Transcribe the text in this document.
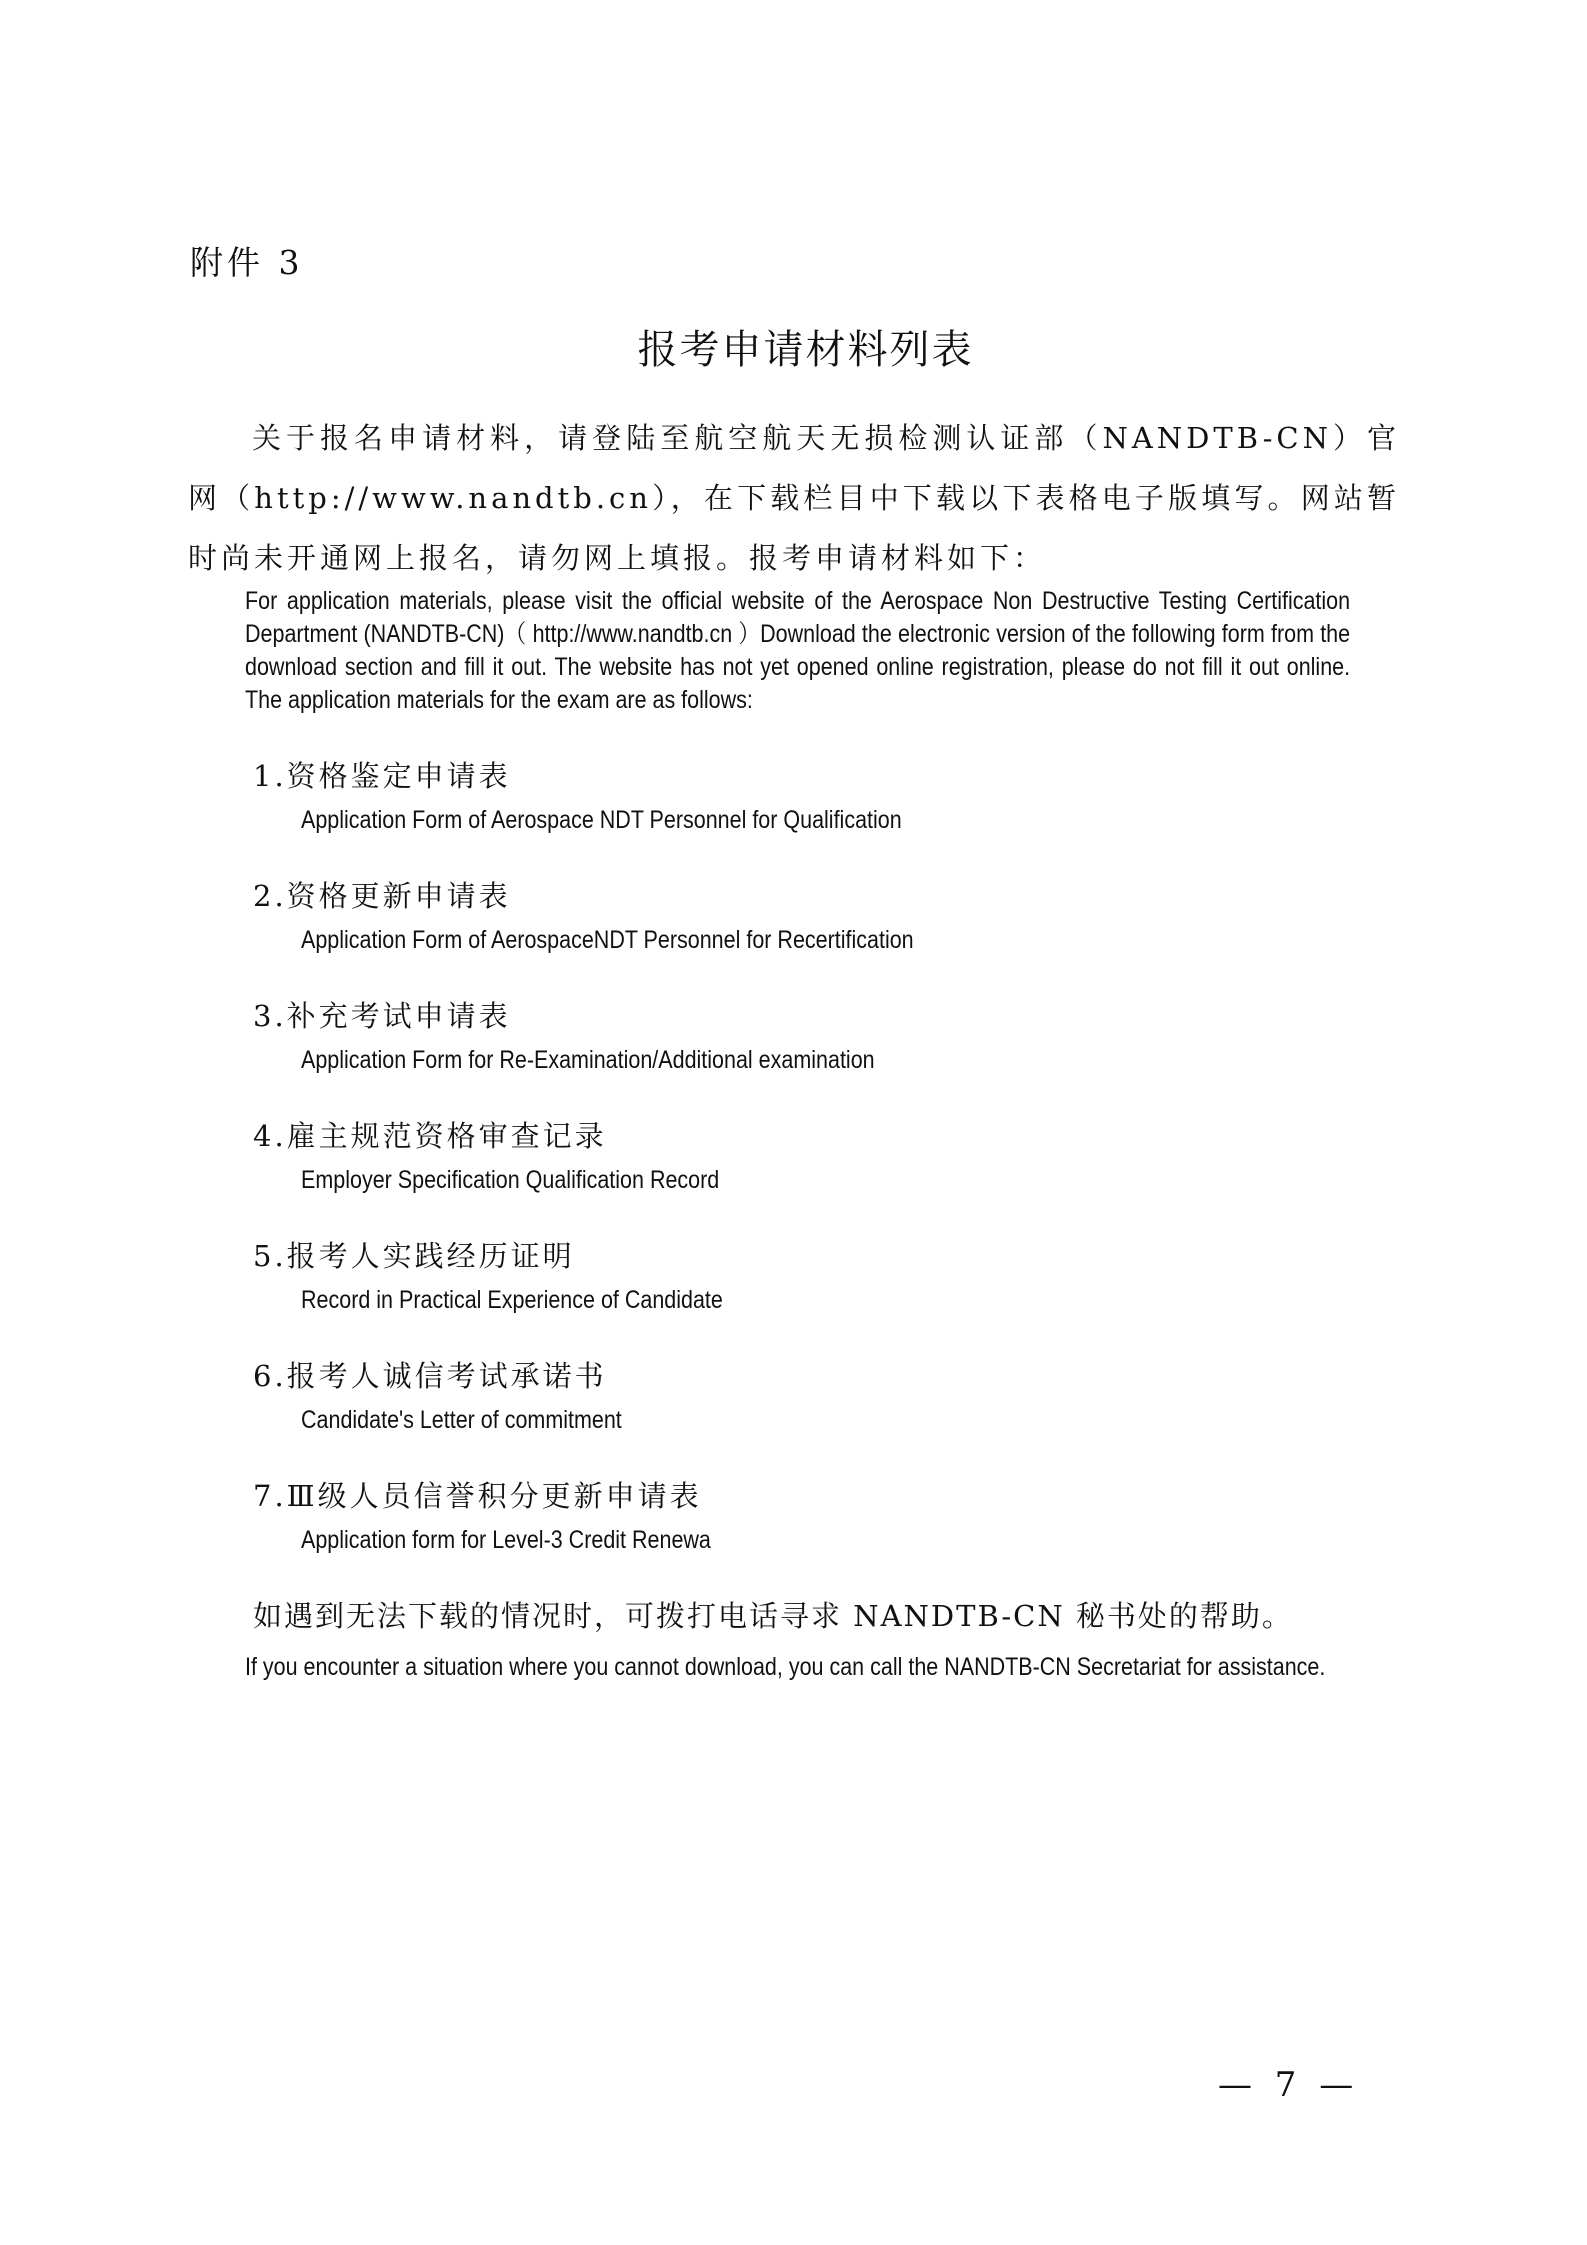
附件 3
报考申请材料列表

关于报名申请材料，请登陆至航空航天无损检测认证部（NANDTB-CN）官网（http://www.nandtb.cn），在下载栏目中下载以下表格电子版填写。网站暂时尚未开通网上报名，请勿网上填报。报考申请材料如下：

For application materials, please visit the official website of the Aerospace Non Destructive Testing Certification Department (NANDTB-CN)（ http://www.nandtb.cn ）Download the electronic version of the following form from the download section and fill it out. The website has not yet opened online registration, please do not fill it out online. The application materials for the exam are as follows:

1.资格鉴定申请表

Application Form of Aerospace NDT Personnel for Qualification

2.资格更新申请表

Application Form of AerospaceNDT Personnel for Recertification

3.补充考试申请表

Application Form for Re-Examination/Additional examination

4.雇主规范资格审查记录

Employer Specification Qualification Record

5.报考人实践经历证明

Record in Practical Experience of Candidate

6.报考人诚信考试承诺书

Candidate's Letter of commitment

7.Ⅲ级人员信誉积分更新申请表

Application form for Level-3 Credit Renewa
如遇到无法下载的情况时，可拨打电话寻求 NANDTB-CN 秘书处的帮助。

If you encounter a situation where you cannot download, you can call the NANDTB-CN Secretariat for assistance.

— 7 —
